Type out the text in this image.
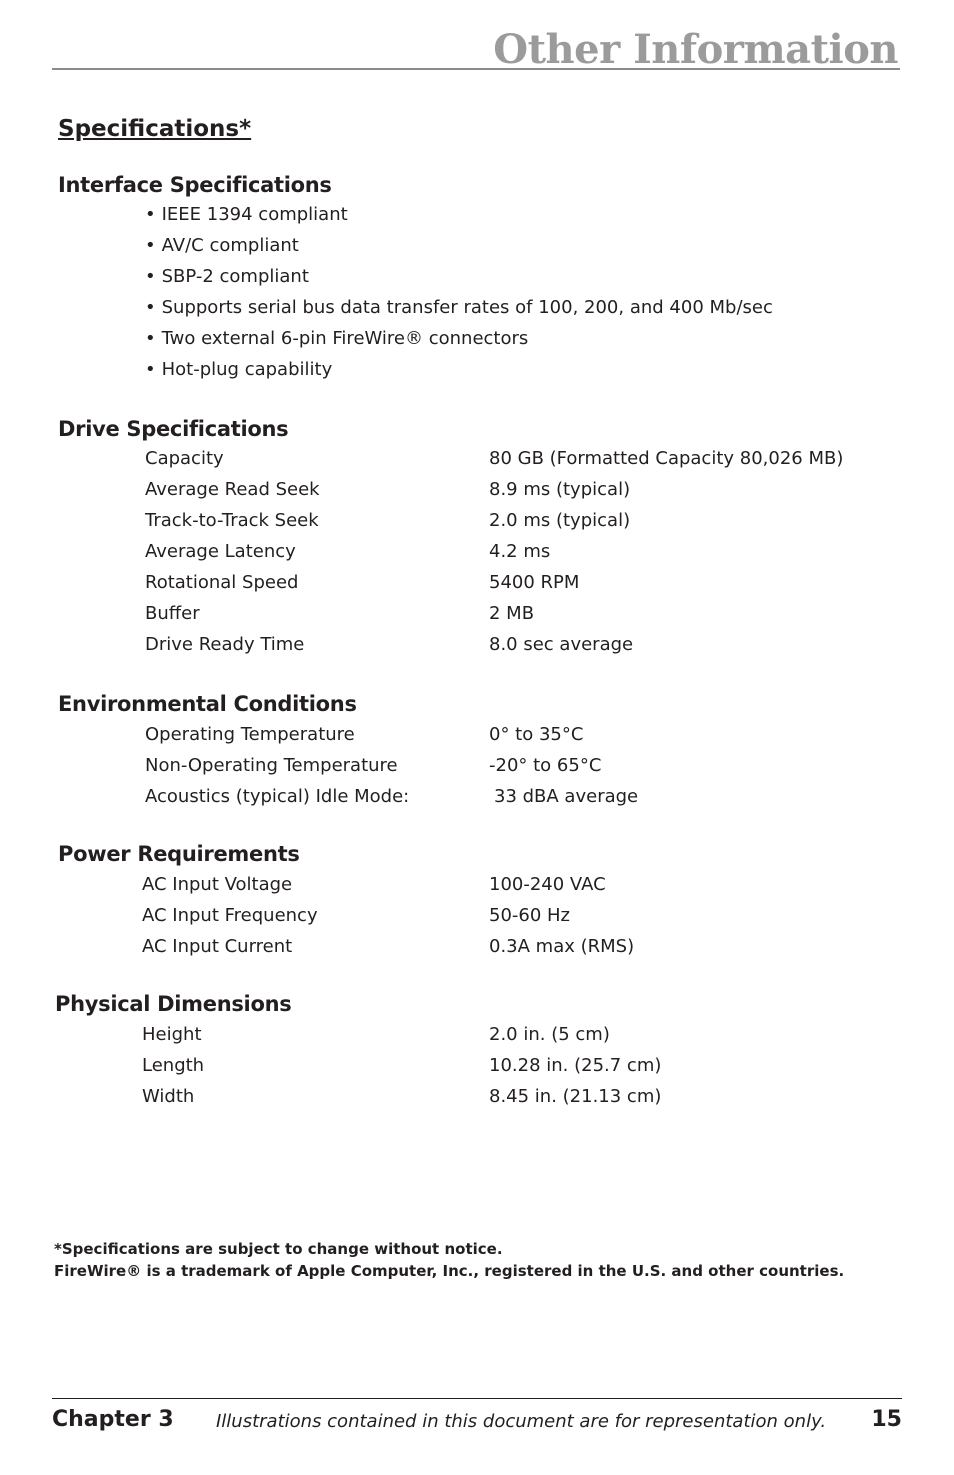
Other Information
Specifications*
Interface Specifications
• IEEE 1394 compliant
• AV/C compliant
• SBP-2 compliant
• Supports serial bus data transfer rates of 100, 200, and 400 Mb/sec
• Two external 6-pin FireWire® connectors
• Hot-plug capability
Drive Specifications
Capacity	80 GB (Formatted Capacity 80,026 MB)
Average Read Seek	8.9 ms (typical)
Track-to-Track Seek	2.0 ms (typical)
Average Latency	4.2 ms
Rotational Speed	5400 RPM
Buffer	2 MB
Drive Ready Time	8.0 sec average
Environmental Conditions
Operating Temperature	0° to 35°C
Non-Operating Temperature	-20° to 65°C
Acoustics (typical) Idle Mode:	33 dBA average
Power Requirements
AC Input Voltage	100-240 VAC
AC Input Frequency	50-60 Hz
AC Input Current	0.3A max (RMS)
Physical Dimensions
Height	2.0 in. (5 cm)
Length	10.28 in. (25.7 cm)
Width	8.45 in. (21.13 cm)
*Specifications are subject to change without notice.
FireWire® is a trademark of Apple Computer, Inc., registered in the U.S. and other countries.
Chapter 3 Illustrations contained in this document are for representation only. 15
